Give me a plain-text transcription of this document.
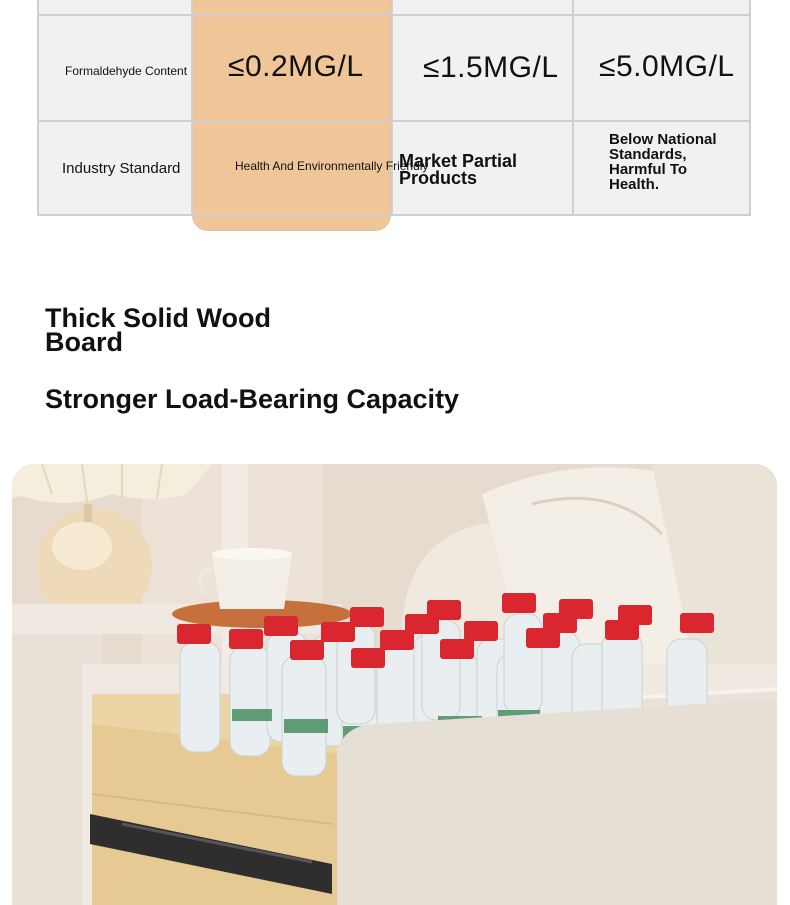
Formaldehyde Content ≤0.2MG/L ≤1.5MG/L ≤5.0MG/L
Industry Standard	Health And Environmentally Friendly
Market Partial Products
Below National Standards, Harmful To Health.
Thick Solid Wood Board
Stronger Load-Bearing Capacity
